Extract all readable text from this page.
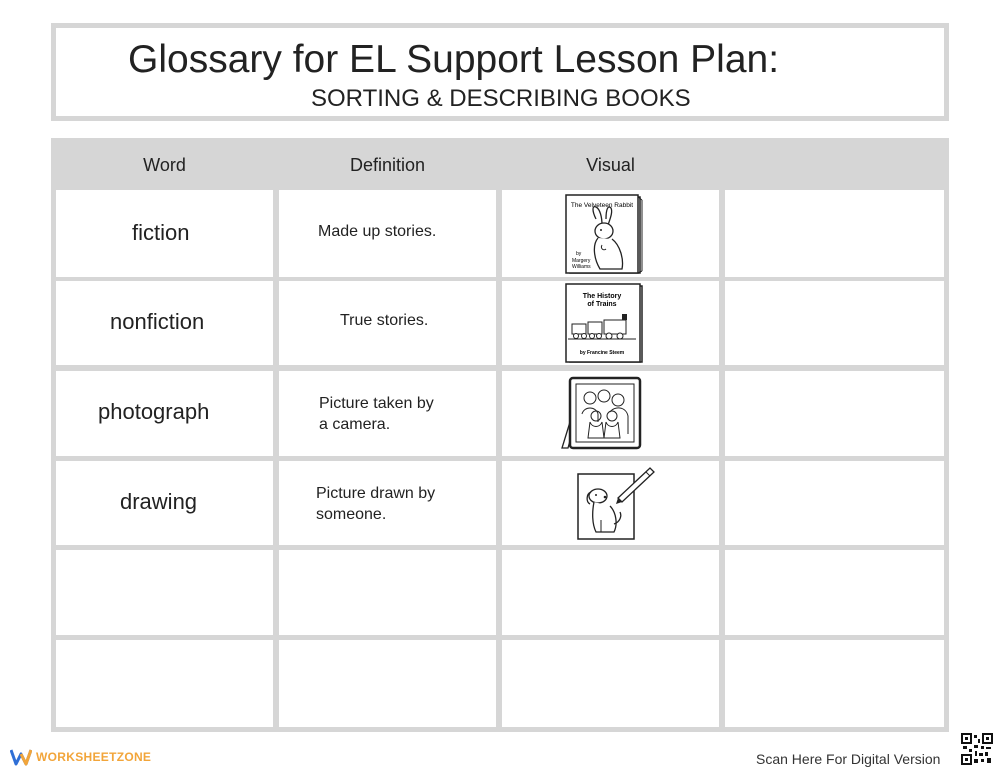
Glossary for EL Support Lesson Plan:
SORTING & DESCRIBING BOOKS
Word	Definition	Visual
fiction	Made up stories.
The Velveteen Rabbit
by
Margery
Williams
nonfiction	True stories.
The History
of Trains
by Francine Steem
photograph	Picture taken by
a camera.
drawing	Picture drawn by
someone.
WORKSHEETZONE	Scan Here For Digital Version
